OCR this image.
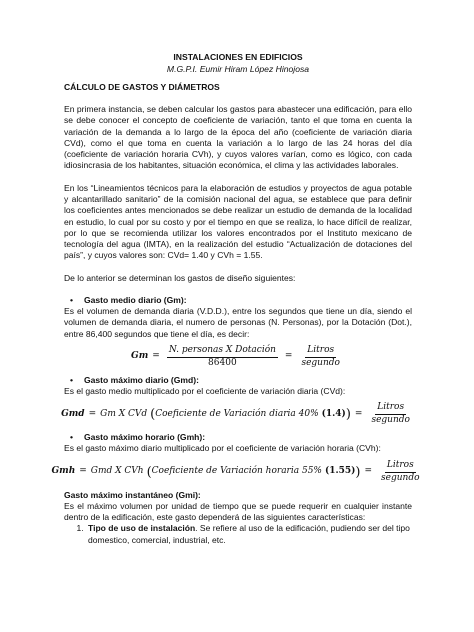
INSTALACIONES EN EDIFICIOS
M.G.P.I. Eumir Hiram López Hinojosa
CÁLCULO DE GASTOS Y DIÁMETROS

En primera instancia, se deben calcular los gastos para abastecer una edificación, para ello se debe conocer el concepto de coeficiente de variación, tanto el que toma en cuenta la variación de la demanda a lo largo de la época del año (coeficiente de variación diaria CVd), como el que toma en cuenta la variación a lo largo de las 24 horas del día (coeficiente de variación horaria CVh), y cuyos valores varían, como es lógico, con cada idiosincrasia de los habitantes, situación económica, el clima y las actividades laborales.

En los “Lineamientos técnicos para la elaboración de estudios y proyectos de agua potable y alcantarillado sanitario” de la comisión nacional del agua, se establece que para definir los coeficientes antes mencionados se debe realizar un estudio de demanda de la localidad en estudio, lo cual por su costo y por el tiempo en que se realiza, lo hace difícil de realizar, por lo que se recomienda utilizar los valores encontrados por el Instituto mexicano de tecnología del agua (IMTA), en la realización del estudio “Actualización de dotaciones del país”, y cuyos valores son: CVd= 1.40 y CVh = 1.55.

De lo anterior se determinan los gastos de diseño siguientes:

•	Gasto medio diario (Gm):

Es el volumen de demanda diaria (V.D.D.), entre los segundos que tiene un día, siendo el volumen de demanda diaria, el numero de personas (N. Personas), por la Dotación (Dot.), entre 86,400 segundos que tiene el día, es decir:

$Gm = \frac{\text{N. personas X Dotación}}{86400} = \frac{\text{Litros}}{\text{segundo}}$
•	Gasto máximo diario (Gmd):

Es el gasto medio multiplicado por el coeficiente de variación diaria (CVd):

Gmd = Gm X CVd ( Coeficiente de Variación diaria 40% (1.4) ) = $\frac{\text{Litros}}{\text{segundo}}$
•	Gasto máximo horario (Gmh):

Es el gasto máximo diario multiplicado por el coeficiente de variación horaria (CVh):

Gmh = Gmd X CVh ( Coeficiente de Variación horaria 55% (1.55) ) = $\frac{\text{Litros}}{\text{segundo}}$
Gasto máximo instantáneo (Gmi):

Es el máximo volumen por unidad de tiempo que se puede requerir en cualquier instante dentro de la edificación, este gasto dependerá de las siguientes características:

1. Tipo de uso de instalación. Se refiere al uso de la edificación, pudiendo ser del tipo domestico, comercial, industrial, etc.
